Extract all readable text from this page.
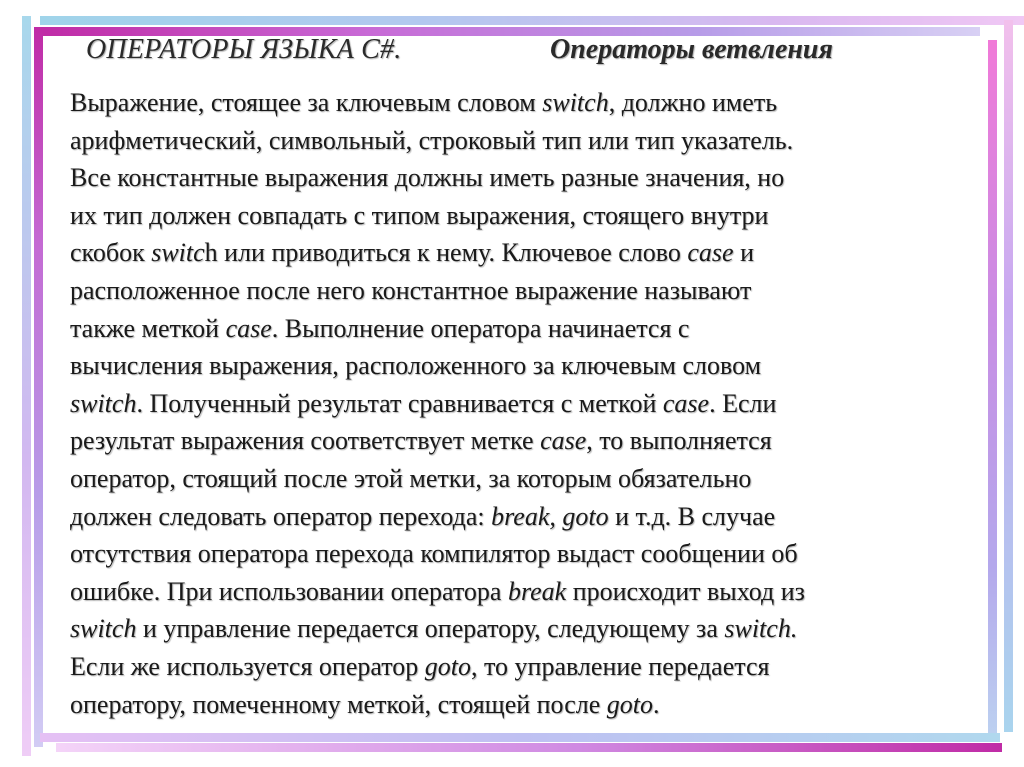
ОПЕРАТОРЫ ЯЗЫКА C#.	Операторы ветвления
Выражение, стоящее за ключевым словом switch, должно иметь
арифметический, символьный, строковый тип или тип указатель.
Все константные выражения должны иметь разные значения, но
их тип должен совпадать с типом выражения, стоящего внутри
скобок switch или приводиться к нему. Ключевое слово case и
расположенное после него константное выражение называют
также меткой case. Выполнение оператора начинается с
вычисления выражения, расположенного за ключевым словом
switch. Полученный результат сравнивается с меткой case. Если
результат выражения соответствует метке case, то выполняется
оператор, стоящий после этой метки, за которым обязательно
должен следовать оператор перехода: break, goto и т.д. В случае
отсутствия оператора перехода компилятор выдаст сообщении об
ошибке. При использовании оператора break происходит выход из
switch и управление передается оператору, следующему за switch.
Если же используется оператор goto, то управление передается
оператору, помеченному меткой, стоящей после goto.
